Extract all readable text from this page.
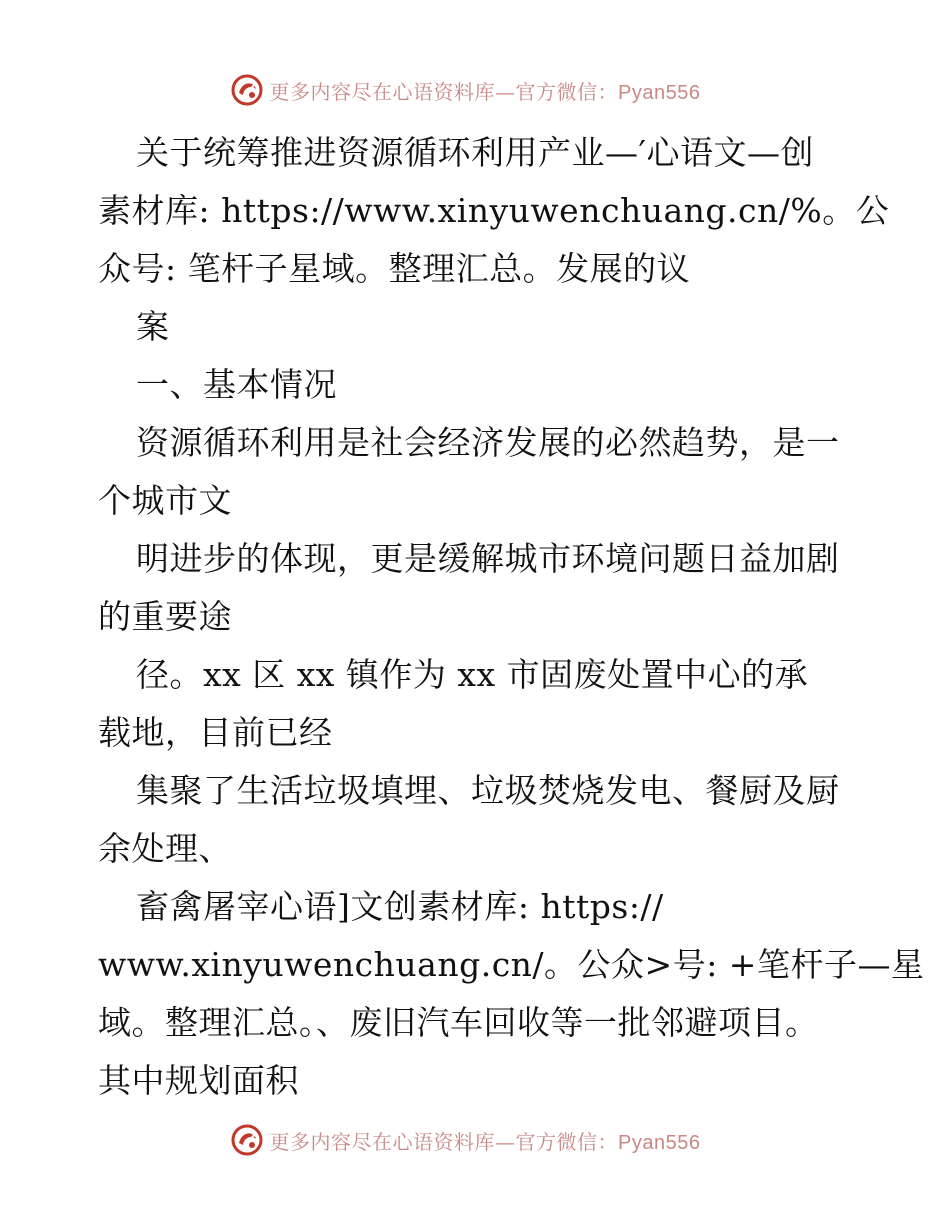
更多内容尽在心语资料库—官方微信：Pyan556
关于统筹推进资源循环利用产业—′心语文—创
素材库: https://www.xinyuwenchuang.cn/%。公
众号: 笔杆子星域。整理汇总。发展的议
案
一、基本情况
资源循环利用是社会经济发展的必然趋势，是一
个城市文
明进步的体现，更是缓解城市环境问题日益加剧
的重要途
径。xx 区 xx 镇作为 xx 市固废处置中心的承
载地，目前已经
集聚了生活垃圾填埋、垃圾焚烧发电、餐厨及厨
余处理、
畜禽屠宰心语]文创素材库: https://
www.xinyuwenchuang.cn/。公众>号: +笔杆子—星
域。整理汇总。、废旧汽车回收等一批邻避项目。
其中规划面积
更多内容尽在心语资料库—官方微信：Pyan556
